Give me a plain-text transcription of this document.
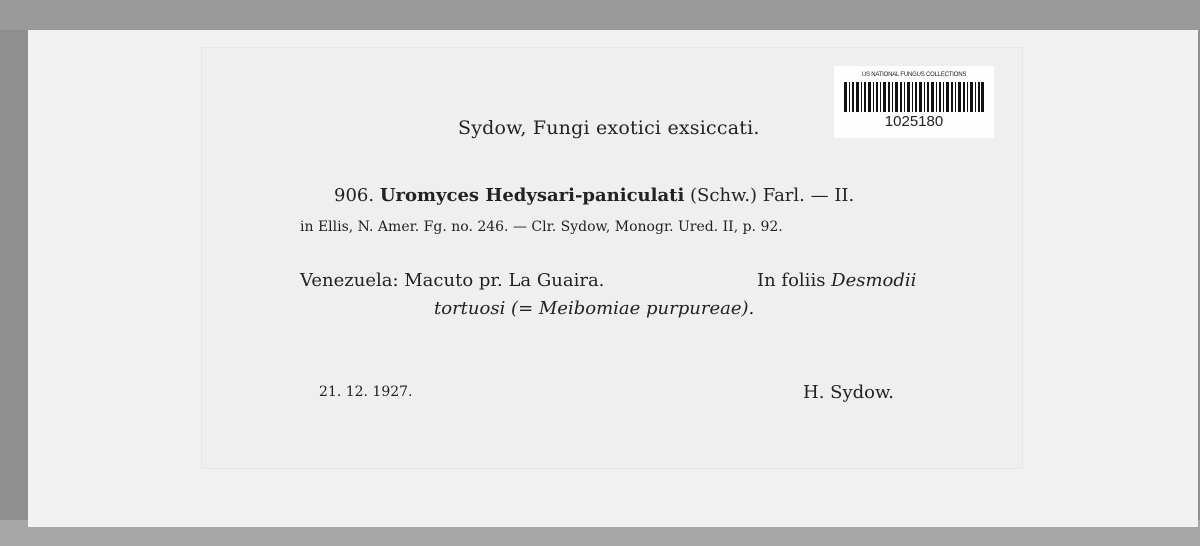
US NATIONAL FUNGUS COLLECTIONS
1025180
Sydow, Fungi exotici exsiccati.
906. Uromyces Hedysari-paniculati (Schw.) Farl. — II.
in Ellis, N. Amer. Fg. no. 246. — Clr. Sydow, Monogr. Ured. II, p. 92.
Venezuela: Macuto pr. La Guaira.	In foliis Desmodii
tortuosi (= Meibomiae purpureae).
21. 12. 1927.	H. Sydow.
